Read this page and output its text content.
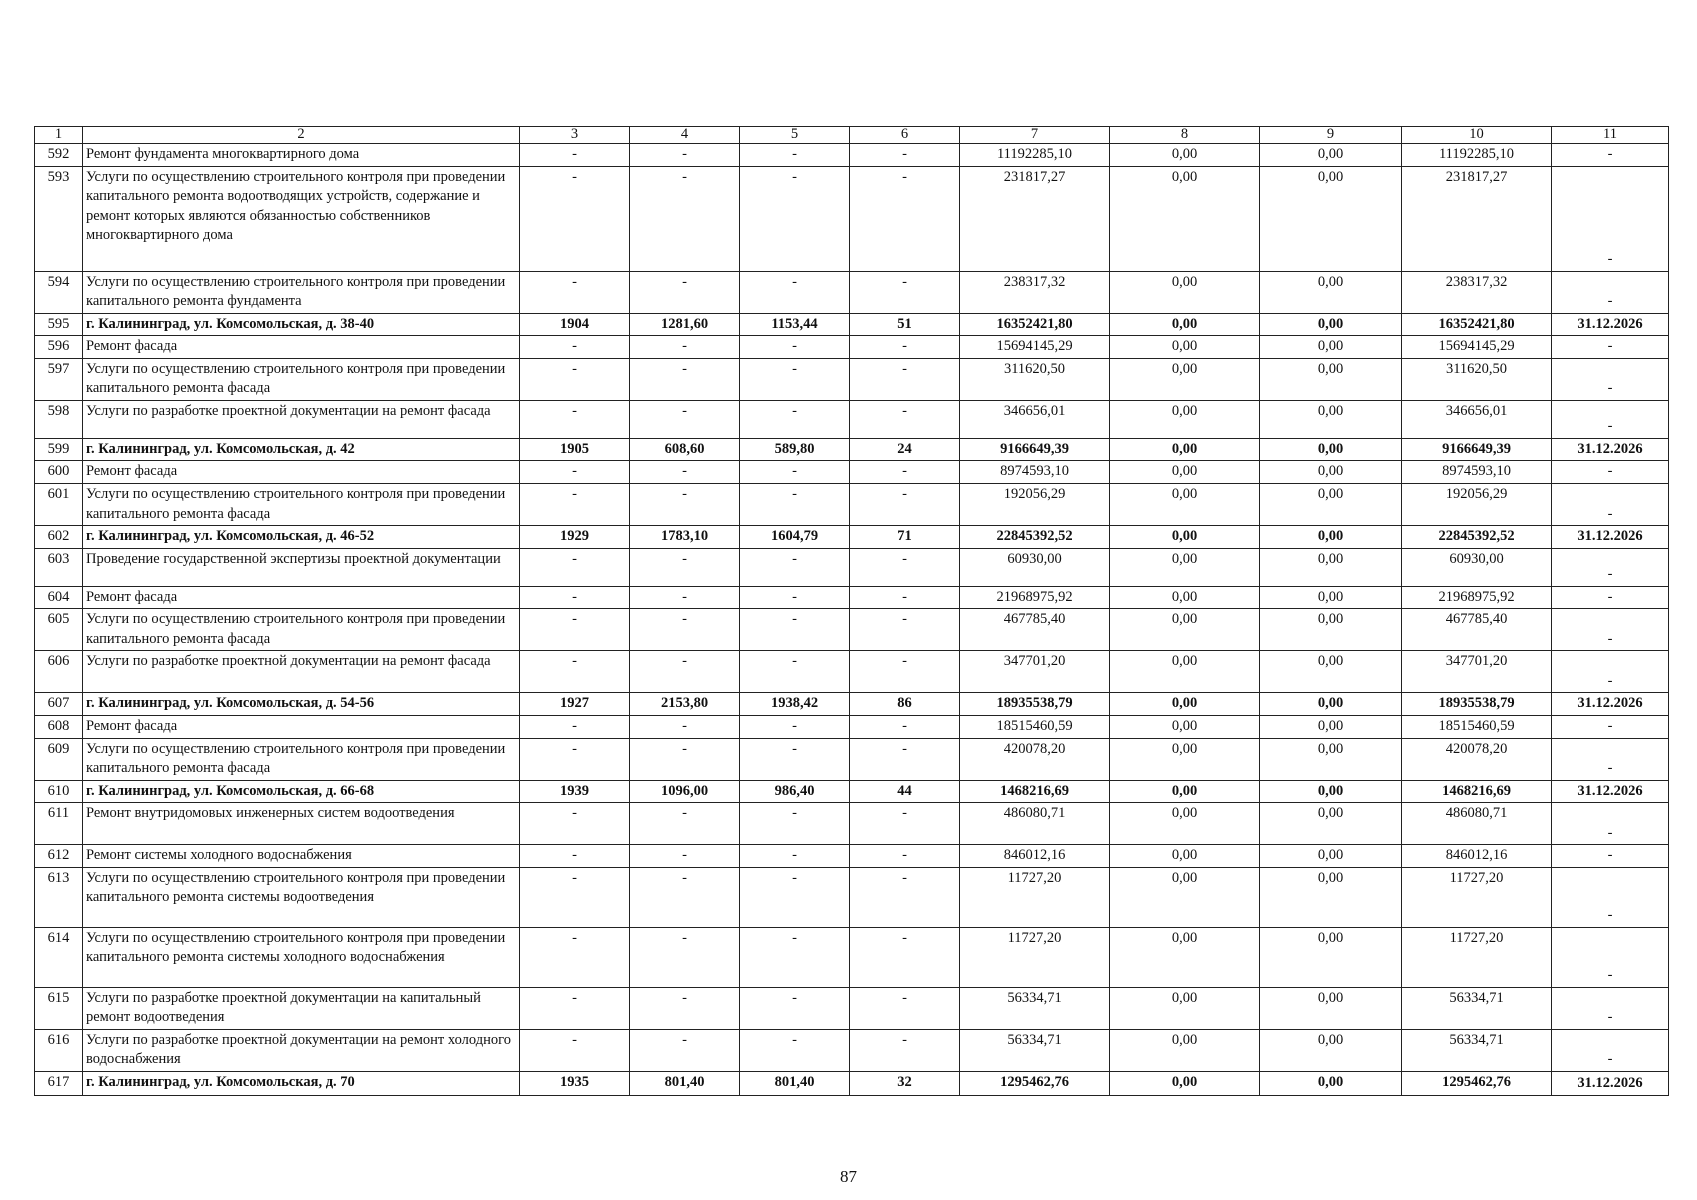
1	2	3	4	5	6	7	8	9	10	11
592	Ремонт фундамента многоквартирного дома	-	-	-	-	11192285,10	0,00	0,00	11192285,10	-
593	Услуги по осуществлению строительного контроля при проведении капитального ремонта водоотводящих устройств, содержание и ремонт которых являются обязанностью собственников многоквартирного дома	-	-	-	-	231817,27	0,00	0,00	231817,27	-
594	Услуги по осуществлению строительного контроля при проведении капитального ремонта фундамента	-	-	-	-	238317,32	0,00	0,00	238317,32	-
595	г. Калининград, ул. Комсомольская, д. 38-40	1904	1281,60	1153,44	51	16352421,80	0,00	0,00	16352421,80	31.12.2026
596	Ремонт фасада	-	-	-	-	15694145,29	0,00	0,00	15694145,29	-
597	Услуги по осуществлению строительного контроля при проведении капитального ремонта фасада	-	-	-	-	311620,50	0,00	0,00	311620,50	-
598	Услуги по разработке проектной документации на ремонт фасада	-	-	-	-	346656,01	0,00	0,00	346656,01	-
599	г. Калининград, ул. Комсомольская, д. 42	1905	608,60	589,80	24	9166649,39	0,00	0,00	9166649,39	31.12.2026
600	Ремонт фасада	-	-	-	-	8974593,10	0,00	0,00	8974593,10	-
601	Услуги по осуществлению строительного контроля при проведении капитального ремонта фасада	-	-	-	-	192056,29	0,00	0,00	192056,29	-
602	г. Калининград, ул. Комсомольская, д. 46-52	1929	1783,10	1604,79	71	22845392,52	0,00	0,00	22845392,52	31.12.2026
603	Проведение государственной экспертизы проектной документации	-	-	-	-	60930,00	0,00	0,00	60930,00	-
604	Ремонт фасада	-	-	-	-	21968975,92	0,00	0,00	21968975,92	-
605	Услуги по осуществлению строительного контроля при проведении капитального ремонта фасада	-	-	-	-	467785,40	0,00	0,00	467785,40	-
606	Услуги по разработке проектной документации на ремонт фасада	-	-	-	-	347701,20	0,00	0,00	347701,20	-
607	г. Калининград, ул. Комсомольская, д. 54-56	1927	2153,80	1938,42	86	18935538,79	0,00	0,00	18935538,79	31.12.2026
608	Ремонт фасада	-	-	-	-	18515460,59	0,00	0,00	18515460,59	-
609	Услуги по осуществлению строительного контроля при проведении капитального ремонта фасада	-	-	-	-	420078,20	0,00	0,00	420078,20	-
610	г. Калининград, ул. Комсомольская, д. 66-68	1939	1096,00	986,40	44	1468216,69	0,00	0,00	1468216,69	31.12.2026
611	Ремонт внутридомовых инженерных систем водоотведения	-	-	-	-	486080,71	0,00	0,00	486080,71	-
612	Ремонт системы холодного водоснабжения	-	-	-	-	846012,16	0,00	0,00	846012,16	-
613	Услуги по осуществлению строительного контроля при проведении капитального ремонта системы водоотведения	-	-	-	-	11727,20	0,00	0,00	11727,20	-
614	Услуги по осуществлению строительного контроля при проведении капитального ремонта системы холодного водоснабжения	-	-	-	-	11727,20	0,00	0,00	11727,20	-
615	Услуги по разработке проектной документации на капитальный ремонт водоотведения	-	-	-	-	56334,71	0,00	0,00	56334,71	-
616	Услуги по разработке проектной документации на ремонт холодного водоснабжения	-	-	-	-	56334,71	0,00	0,00	56334,71	-
617	г. Калининград, ул. Комсомольская, д. 70	1935	801,40	801,40	32	1295462,76	0,00	0,00	1295462,76	31.12.2026
87
